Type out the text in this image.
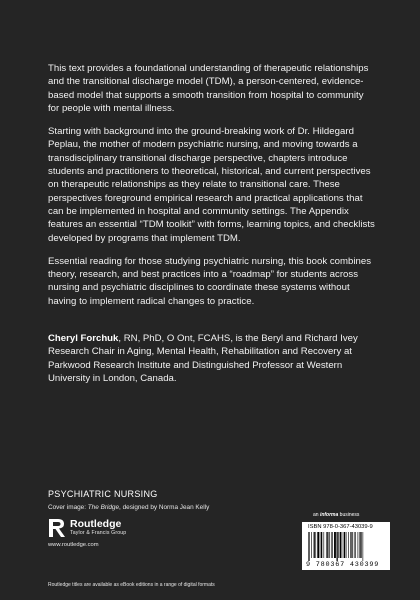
This text provides a foundational understanding of therapeutic relationships and the transitional discharge model (TDM), a person-centered, evidence-based model that supports a smooth transition from hospital to community for people with mental illness.

Starting with background into the ground-breaking work of Dr. Hildegard Peplau, the mother of modern psychiatric nursing, and moving towards a transdisciplinary transitional discharge perspective, chapters introduce students and practitioners to theoretical, historical, and current perspectives on therapeutic relationships as they relate to transitional care. These perspectives foreground empirical research and practical applications that can be implemented in hospital and community settings. The Appendix features an essential “TDM toolkit” with forms, learning topics, and checklists developed by programs that implement TDM.

Essential reading for those studying psychiatric nursing, this book combines theory, research, and best practices into a “roadmap” for students across nursing and psychiatric disciplines to coordinate these systems without having to implement radical changes to practice.

Cheryl Forchuk, RN, PhD, O Ont, FCAHS, is the Beryl and Richard Ivey Research Chair in Aging, Mental Health, Rehabilitation and Recovery at Parkwood Research Institute and Distinguished Professor at Western University in London, Canada.

PSYCHIATRIC NURSING

Cover image: The Bridge, designed by Norma Jean Kelly

Routledge

Taylor & Francis Group

www.routledge.com

an informa business

ISBN 978-0-367-43039-9

9 780367 430399

Routledge titles are available as eBook editions in a range of digital formats
